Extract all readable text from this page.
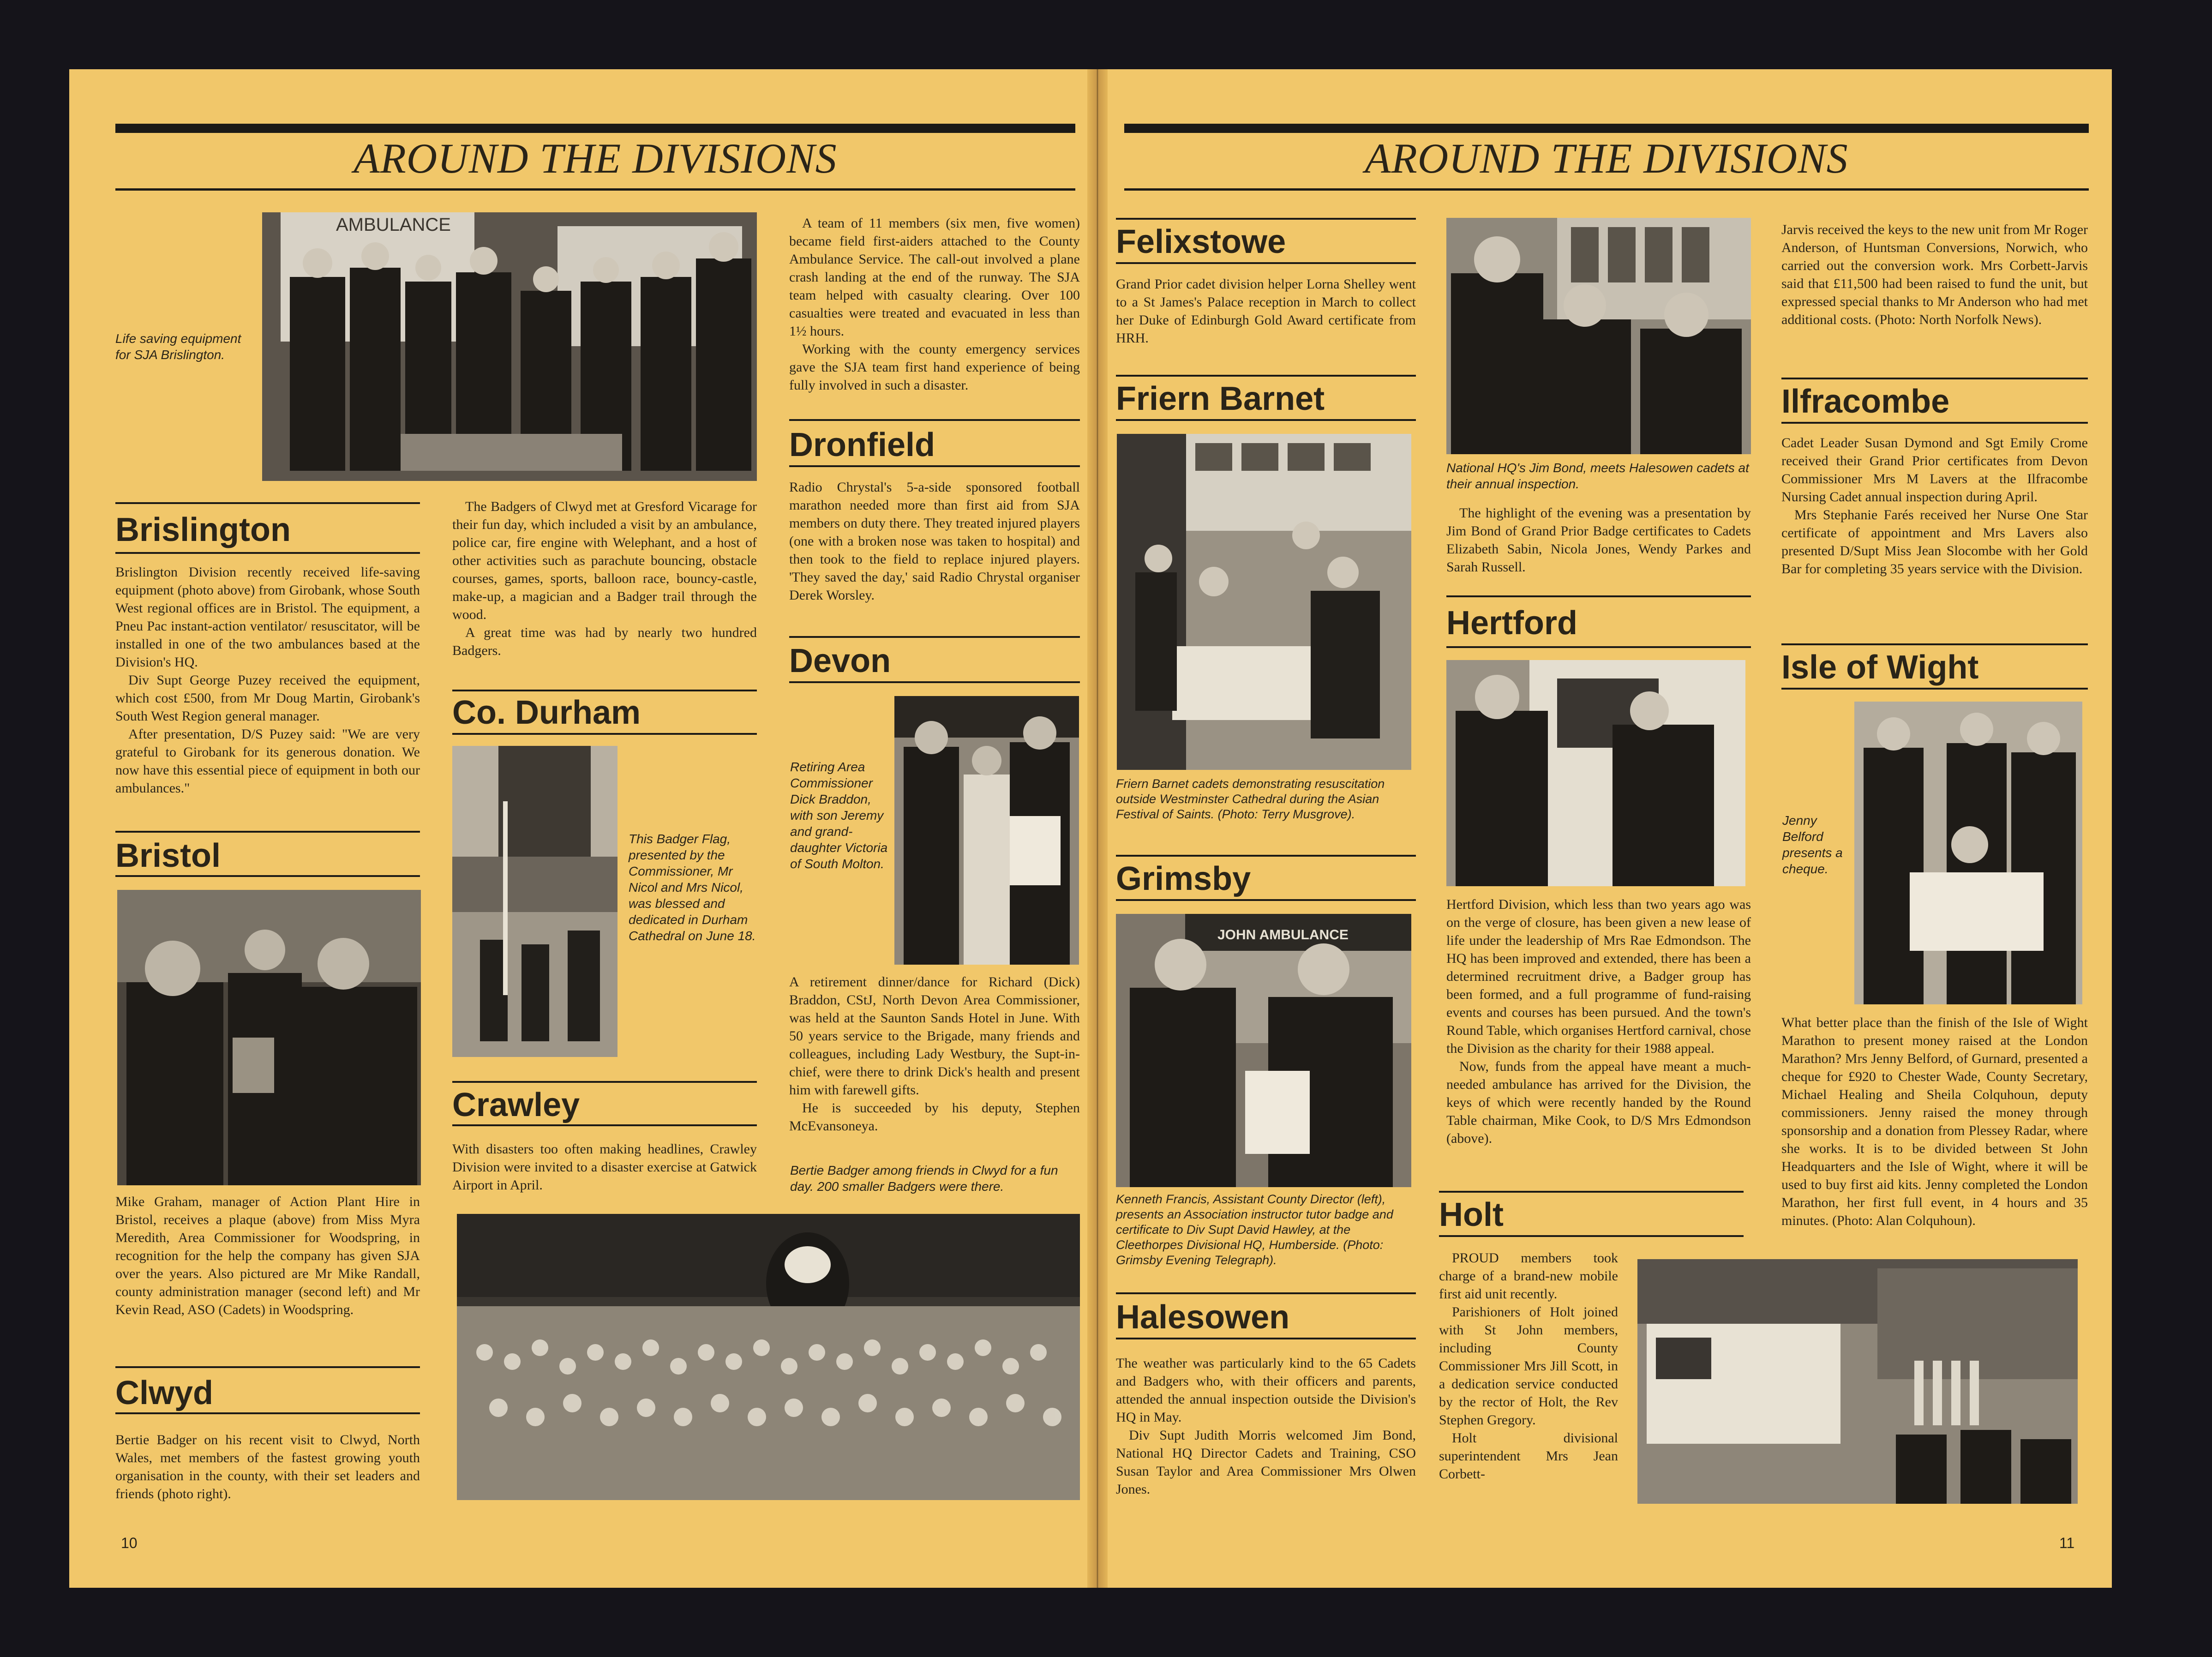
AROUND THE DIVISIONS
Life saving equipment for SJA Brislington.
AMBULANCE
Brislington

Brislington Division recently received life-saving equipment (photo above) from Girobank, whose South West regional offices are in Bristol. The equipment, a Pneu Pac instant-action ventilator/ resuscitator, will be installed in one of the two ambulances based at the Division's HQ.

Div Supt George Puzey received the equipment, which cost £500, from Mr Doug Martin, Girobank's South West Region general manager.

After presentation, D/S Puzey said: "We are very grateful to Girobank for its generous donation. We now have this essential piece of equipment in both our ambulances."

Bristol

Mike Graham, manager of Action Plant Hire in Bristol, receives a plaque (above) from Miss Myra Meredith, Area Commissioner for Woodspring, in recognition for the help the company has given SJA over the years. Also pictured are Mr Mike Randall, county administration manager (second left) and Mr Kevin Read, ASO (Cadets) in Woodspring.

Clwyd

Bertie Badger on his recent visit to Clwyd, North Wales, met members of the fastest growing youth organisation in the county, with their set leaders and friends (photo right).

The Badgers of Clwyd met at Gresford Vicarage for their fun day, which included a visit by an ambulance, police car, fire engine with Welephant, and a host of other activities such as parachute bouncing, obstacle courses, games, sports, balloon race, bouncy-castle, make-up, a magician and a Badger trail through the wood.

A great time was had by nearly two hundred Badgers.

Co. Durham
This Badger Flag, presented by the Commissioner, Mr Nicol and Mrs Nicol, was blessed and dedicated in Durham Cathedral on June 18.
Crawley

With disasters too often making headlines, Crawley Division were invited to a disaster exercise at Gatwick Airport in April.

A team of 11 members (six men, five women) became field first-aiders attached to the County Ambulance Service. The call-out involved a plane crash landing at the end of the runway. The SJA team helped with casualty clearing. Over 100 casualties were treated and evacuated in less than 1½ hours.

Working with the county emergency services gave the SJA team first hand experience of being fully involved in such a disaster.

Dronfield

Radio Chrystal's 5-a-side sponsored football marathon needed more than first aid from SJA members on duty there. They treated injured players (one with a broken nose was taken to hospital) and then took to the field to replace injured players. 'They saved the day,' said Radio Chrystal organiser Derek Worsley.

Devon
Retiring Area Commissioner Dick Braddon, with son Jeremy and grand-daughter Victoria of South Molton.

A retirement dinner/dance for Richard (Dick) Braddon, CStJ, North Devon Area Commissioner, was held at the Saunton Sands Hotel in June. With 50 years service to the Brigade, many friends and colleagues, including Lady Westbury, the Supt-in-chief, were there to drink Dick's health and present him with farewell gifts.

He is succeeded by his deputy, Stephen McEvansoneya.

Bertie Badger among friends in Clwyd for a fun day. 200 smaller Badgers were there.
10
AROUND THE DIVISIONS
Felixstowe

Grand Prior cadet division helper Lorna Shelley went to a St James's Palace reception in March to collect her Duke of Edinburgh Gold Award certificate from HRH.

Friern Barnet
Friern Barnet cadets demonstrating resuscitation outside Westminster Cathedral during the Asian Festival of Saints. (Photo: Terry Musgrove).
Grimsby
JOHN AMBULANCE
Kenneth Francis, Assistant County Director (left), presents an Association instructor tutor badge and certificate to Div Supt David Hawley, at the Cleethorpes Divisional HQ, Humberside. (Photo: Grimsby Evening Telegraph).
Halesowen

The weather was particularly kind to the 65 Cadets and Badgers who, with their officers and parents, attended the annual inspection outside the Division's HQ in May.

Div Supt Judith Morris welcomed Jim Bond, National HQ Director Cadets and Training, CSO Susan Taylor and Area Commissioner Mrs Olwen Jones.

National HQ's Jim Bond, meets Halesowen cadets at their annual inspection.

The highlight of the evening was a presentation by Jim Bond of Grand Prior Badge certificates to Cadets Elizabeth Sabin, Nicola Jones, Wendy Parkes and Sarah Russell.

Hertford

Hertford Division, which less than two years ago was on the verge of closure, has been given a new lease of life under the leadership of Mrs Rae Edmondson. The HQ has been improved and extended, there has been a determined recruitment drive, a Badger group has been formed, and a full programme of fund-raising events and courses has been pursued. And the town's Round Table, which organises Hertford carnival, chose the Division as the charity for their 1988 appeal.

Now, funds from the appeal have meant a much-needed ambulance has arrived for the Division, the keys of which were recently handed by the Round Table chairman, Mike Cook, to D/S Mrs Edmondson (above).

Holt

PROUD members took charge of a brand-new mobile first aid unit recently.

Parishioners of Holt joined with St John members, including County Commissioner Mrs Jill Scott, in a dedication service conducted by the rector of Holt, the Rev Stephen Gregory.

Holt divisional superintendent Mrs Jean Corbett-

Jarvis received the keys to the new unit from Mr Roger Anderson, of Huntsman Conversions, Norwich, who carried out the conversion work. Mrs Corbett-Jarvis said that £11,500 had been raised to fund the unit, but expressed special thanks to Mr Anderson who had met additional costs. (Photo: North Norfolk News).

Ilfracombe

Cadet Leader Susan Dymond and Sgt Emily Crome received their Grand Prior certificates from Devon Commissioner Mrs M Lavers at the Ilfracombe Nursing Cadet annual inspection during April.

Mrs Stephanie Farés received her Nurse One Star certificate of appointment and Mrs Lavers also presented D/Supt Miss Jean Slocombe with her Gold Bar for completing 35 years service with the Division.

Isle of Wight
Jenny Belford presents a cheque.

What better place than the finish of the Isle of Wight Marathon to present money raised at the London Marathon? Mrs Jenny Belford, of Gurnard, presented a cheque for £920 to Chester Wade, County Secretary, Michael Healing and Sheila Colquhoun, deputy commissioners. Jenny raised the money through sponsorship and a donation from Plessey Radar, where she works. It is to be divided between St John Headquarters and the Isle of Wight, where it will be used to buy first aid kits. Jenny completed the London Marathon, her first full event, in 4 hours and 35 minutes. (Photo: Alan Colquhoun).

11
